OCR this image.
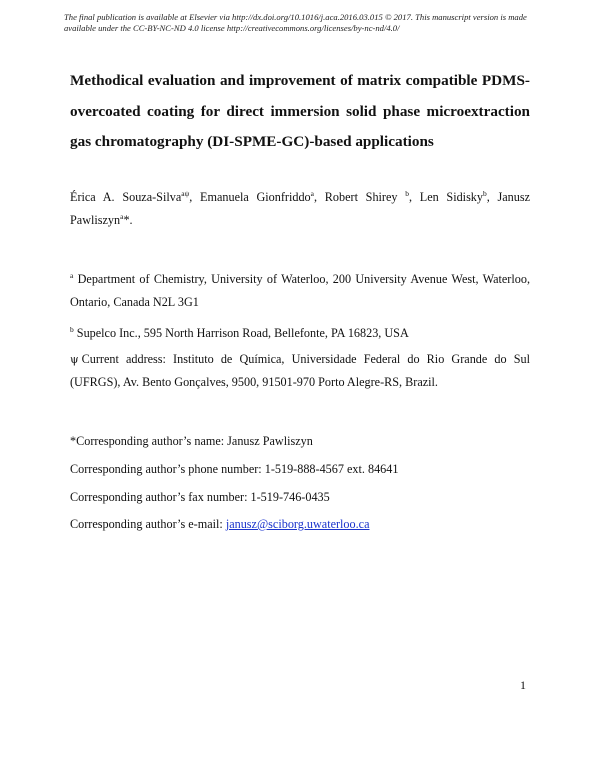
The final publication is available at Elsevier via http://dx.doi.org/10.1016/j.aca.2016.03.015 © 2017. This manuscript version is made available under the CC-BY-NC-ND 4.0 license http://creativecommons.org/licenses/by-nc-nd/4.0/
Methodical evaluation and improvement of matrix compatible PDMS-overcoated coating for direct immersion solid phase microextraction gas chromatography (DI-SPME-GC)-based applications

Érica A. Souza-Silva$^{a\psi}$, Emanuela Gionfriddo$^a$, Robert Shirey $^b$, Len Sidisky$^b$, Janusz Pawliszyn$^a$*.

$^a$ Department of Chemistry, University of Waterloo, 200 University Avenue West, Waterloo, Ontario, Canada N2L 3G1

$^b$ Supelco Inc., 595 North Harrison Road, Bellefonte, PA 16823, USA

ψ Current address: Instituto de Química, Universidade Federal do Rio Grande do Sul (UFRGS), Av. Bento Gonçalves, 9500, 91501-970 Porto Alegre-RS, Brazil.

*Corresponding author’s name: Janusz Pawliszyn

Corresponding author’s phone number: 1-519-888-4567 ext. 84641

Corresponding author’s fax number: 1-519-746-0435

Corresponding author’s e-mail: janusz@sciborg.uwaterloo.ca

1
